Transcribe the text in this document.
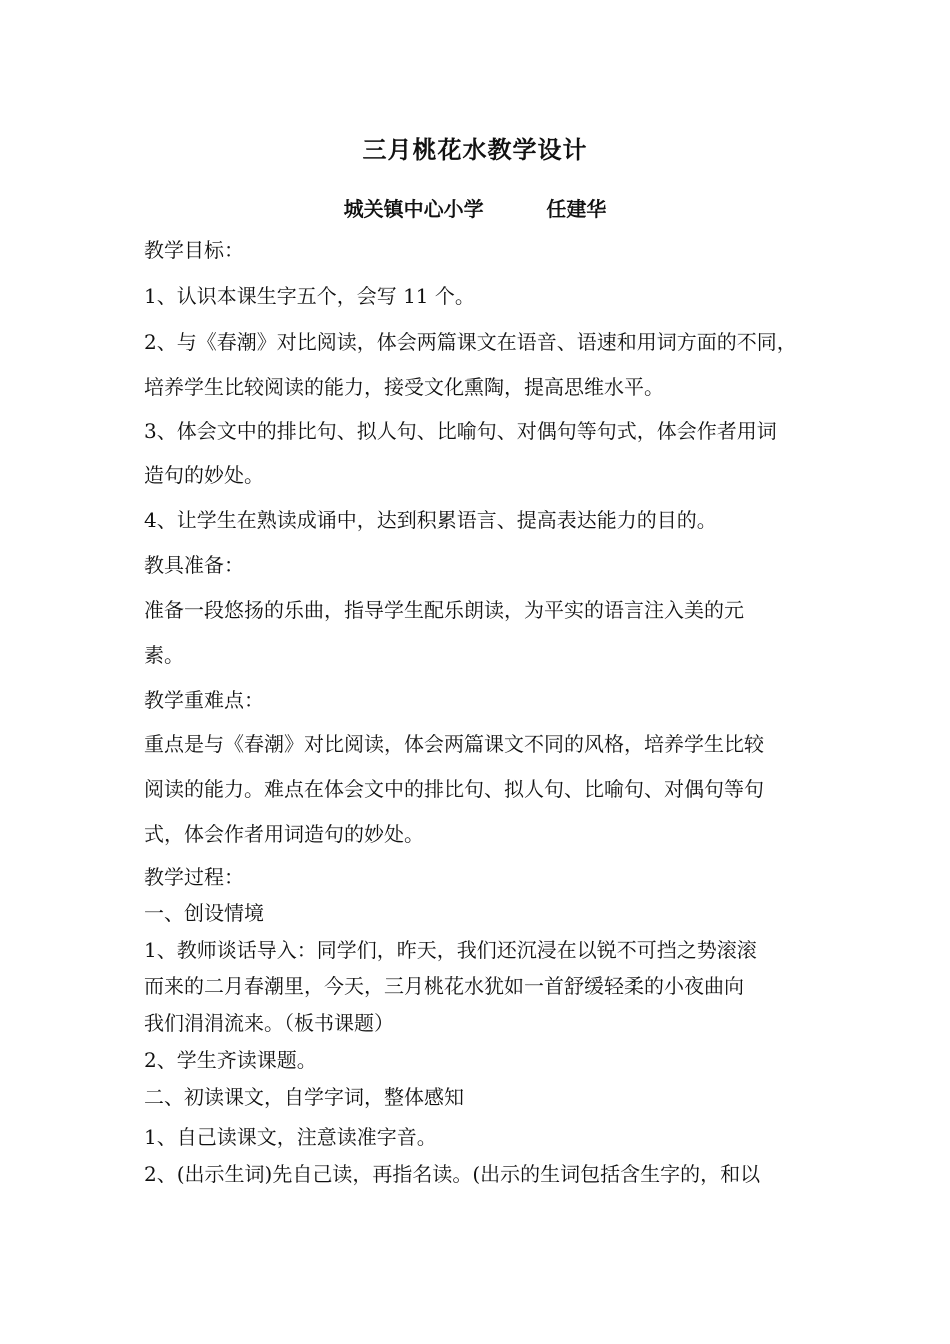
三月桃花水教学设计
城关镇中心小学	任建华
教学目标：
1、认识本课生字五个，会写 11 个。
2、与《春潮》对比阅读，体会两篇课文在语音、语速和用词方面的不同，
培养学生比较阅读的能力，接受文化熏陶，提高思维水平。
3、体会文中的排比句、拟人句、比喻句、对偶句等句式，体会作者用词
造句的妙处。
4、让学生在熟读成诵中，达到积累语言、提高表达能力的目的。
教具准备：
准备一段悠扬的乐曲，指导学生配乐朗读，为平实的语言注入美的元
素。
教学重难点：
重点是与《春潮》对比阅读，体会两篇课文不同的风格，培养学生比较
阅读的能力。难点在体会文中的排比句、拟人句、比喻句、对偶句等句
式，体会作者用词造句的妙处。
教学过程：
一、创设情境
1、教师谈话导入：同学们，昨天，我们还沉浸在以锐不可挡之势滚滚
而来的二月春潮里，今天，三月桃花水犹如一首舒缓轻柔的小夜曲向
我们涓涓流来。（板书课题）
2、学生齐读课题。
二、初读课文，自学字词，整体感知
1、自己读课文，注意读准字音。
2、(出示生词)先自己读，再指名读。(出示的生词包括含生字的，和以
